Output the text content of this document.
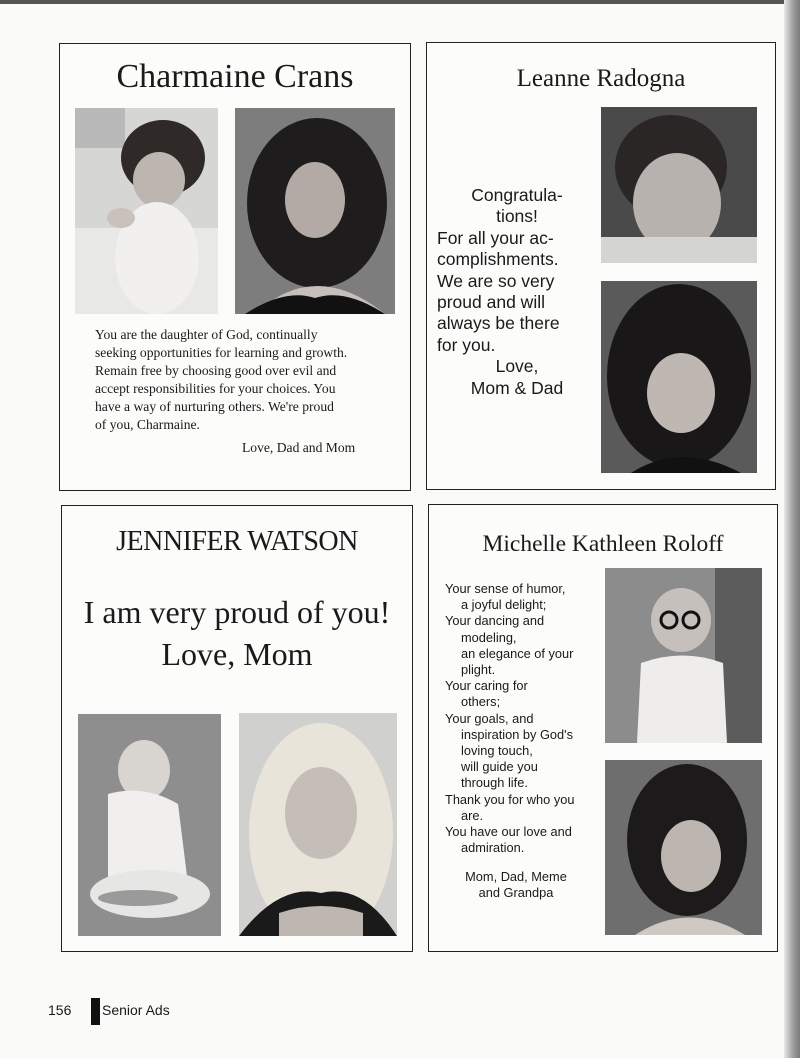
Charmaine Crans
You are the daughter of God, continually
seeking opportunities for learning and growth.
Remain free by choosing good over evil and
accept responsibilities for your choices. You
have a way of nurturing others. We're proud
of you, Charmaine.
Love, Dad and Mom
Leanne Radogna
Congratula-
tions!
For all your ac-
complishments.
We are so very
proud and will
always be there
for you.
Love,
Mom & Dad
JENNIFER WATSON
I am very proud of you!
Love, Mom
Michelle Kathleen Roloff
Your sense of humor,
a joyful delight;
Your dancing and
modeling,
an elegance of your
plight.
Your caring for
others;
Your goals, and
inspiration by God's
loving touch,
will guide you
through life.
Thank you for who you
are.
You have our love and
admiration.
Mom, Dad, Meme
and Grandpa
156 Senior Ads
